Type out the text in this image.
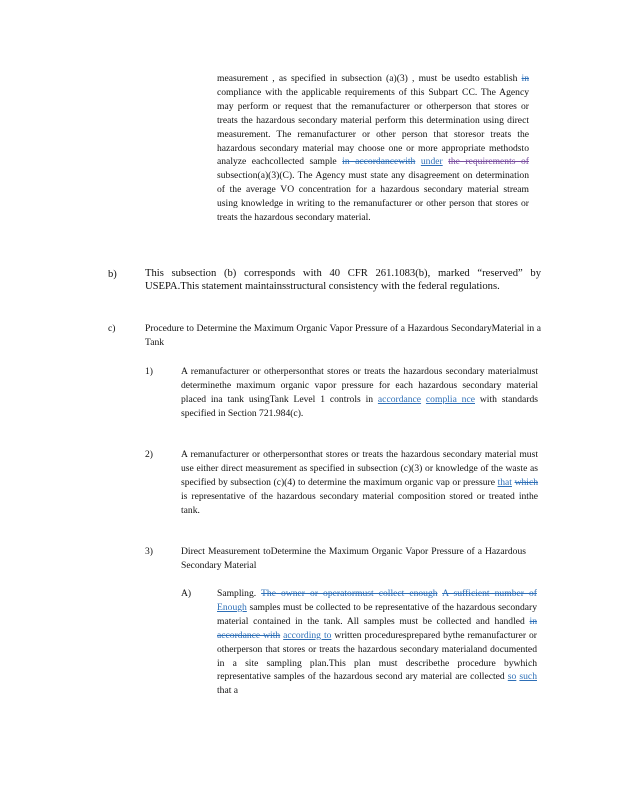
measurement , as specified in subsection (a)(3) , must be usedto establish in compliance with the applicable requirements of this Subpart CC. The Agency may perform or request that the remanufacturer or otherperson that stores or treats the hazardous secondary material perform this determination using direct measurement. The remanufacturer or other person that storesor treats the hazardous secondary material may choose one or more appropriate methodsto analyze eachcollected sample in accordancewith under the requirements of subsection(a)(3)(C). The Agency must state any disagreement on determination of the average VO concentration for a hazardous secondary material stream using knowledge in writing to the remanufacturer or other person that stores or treats the hazardous secondary material.
b)	This subsection (b) corresponds with 40 CFR 261.1083(b), marked “reserved” by USEPA.This statement maintainsstructural consistency with the federal regulations.
c)	Procedure to Determine the Maximum Organic Vapor Pressure of a Hazardous SecondaryMaterial in a Tank
1)	A remanufacturer or otherpersonthat stores or treats the hazardous secondary materialmust determinethe maximum organic vapor pressure for each hazardous secondary material placed ina tank usingTank Level 1 controls in accordance complia nce with standards specified in Section 721.984(c).
2)	A remanufacturer or otherpersonthat stores or treats the hazardous secondary material must use either direct measurement as specified in subsection (c)(3) or knowledge of the waste as specified by subsection (c)(4) to determine the maximum organic vap or pressure that which is representative of the hazardous secondary material composition stored or treated inthe tank.
3)	Direct Measurement toDetermine the Maximum Organic Vapor Pressure of a Hazardous Secondary Material
A)	Sampling. The owner or operatormust collect enough A sufficient number of Enough samples must be collected to be representative of the hazardous secondary material contained in the tank. All samples must be collected and handled in accordance with according to written proceduresprepared bythe remanufacturer or otherperson that stores or treats the hazardous secondary materialand documented in a site sampling plan.This plan must describethe procedure bywhich representative samples of the hazardous second ary material are collected so such that a
